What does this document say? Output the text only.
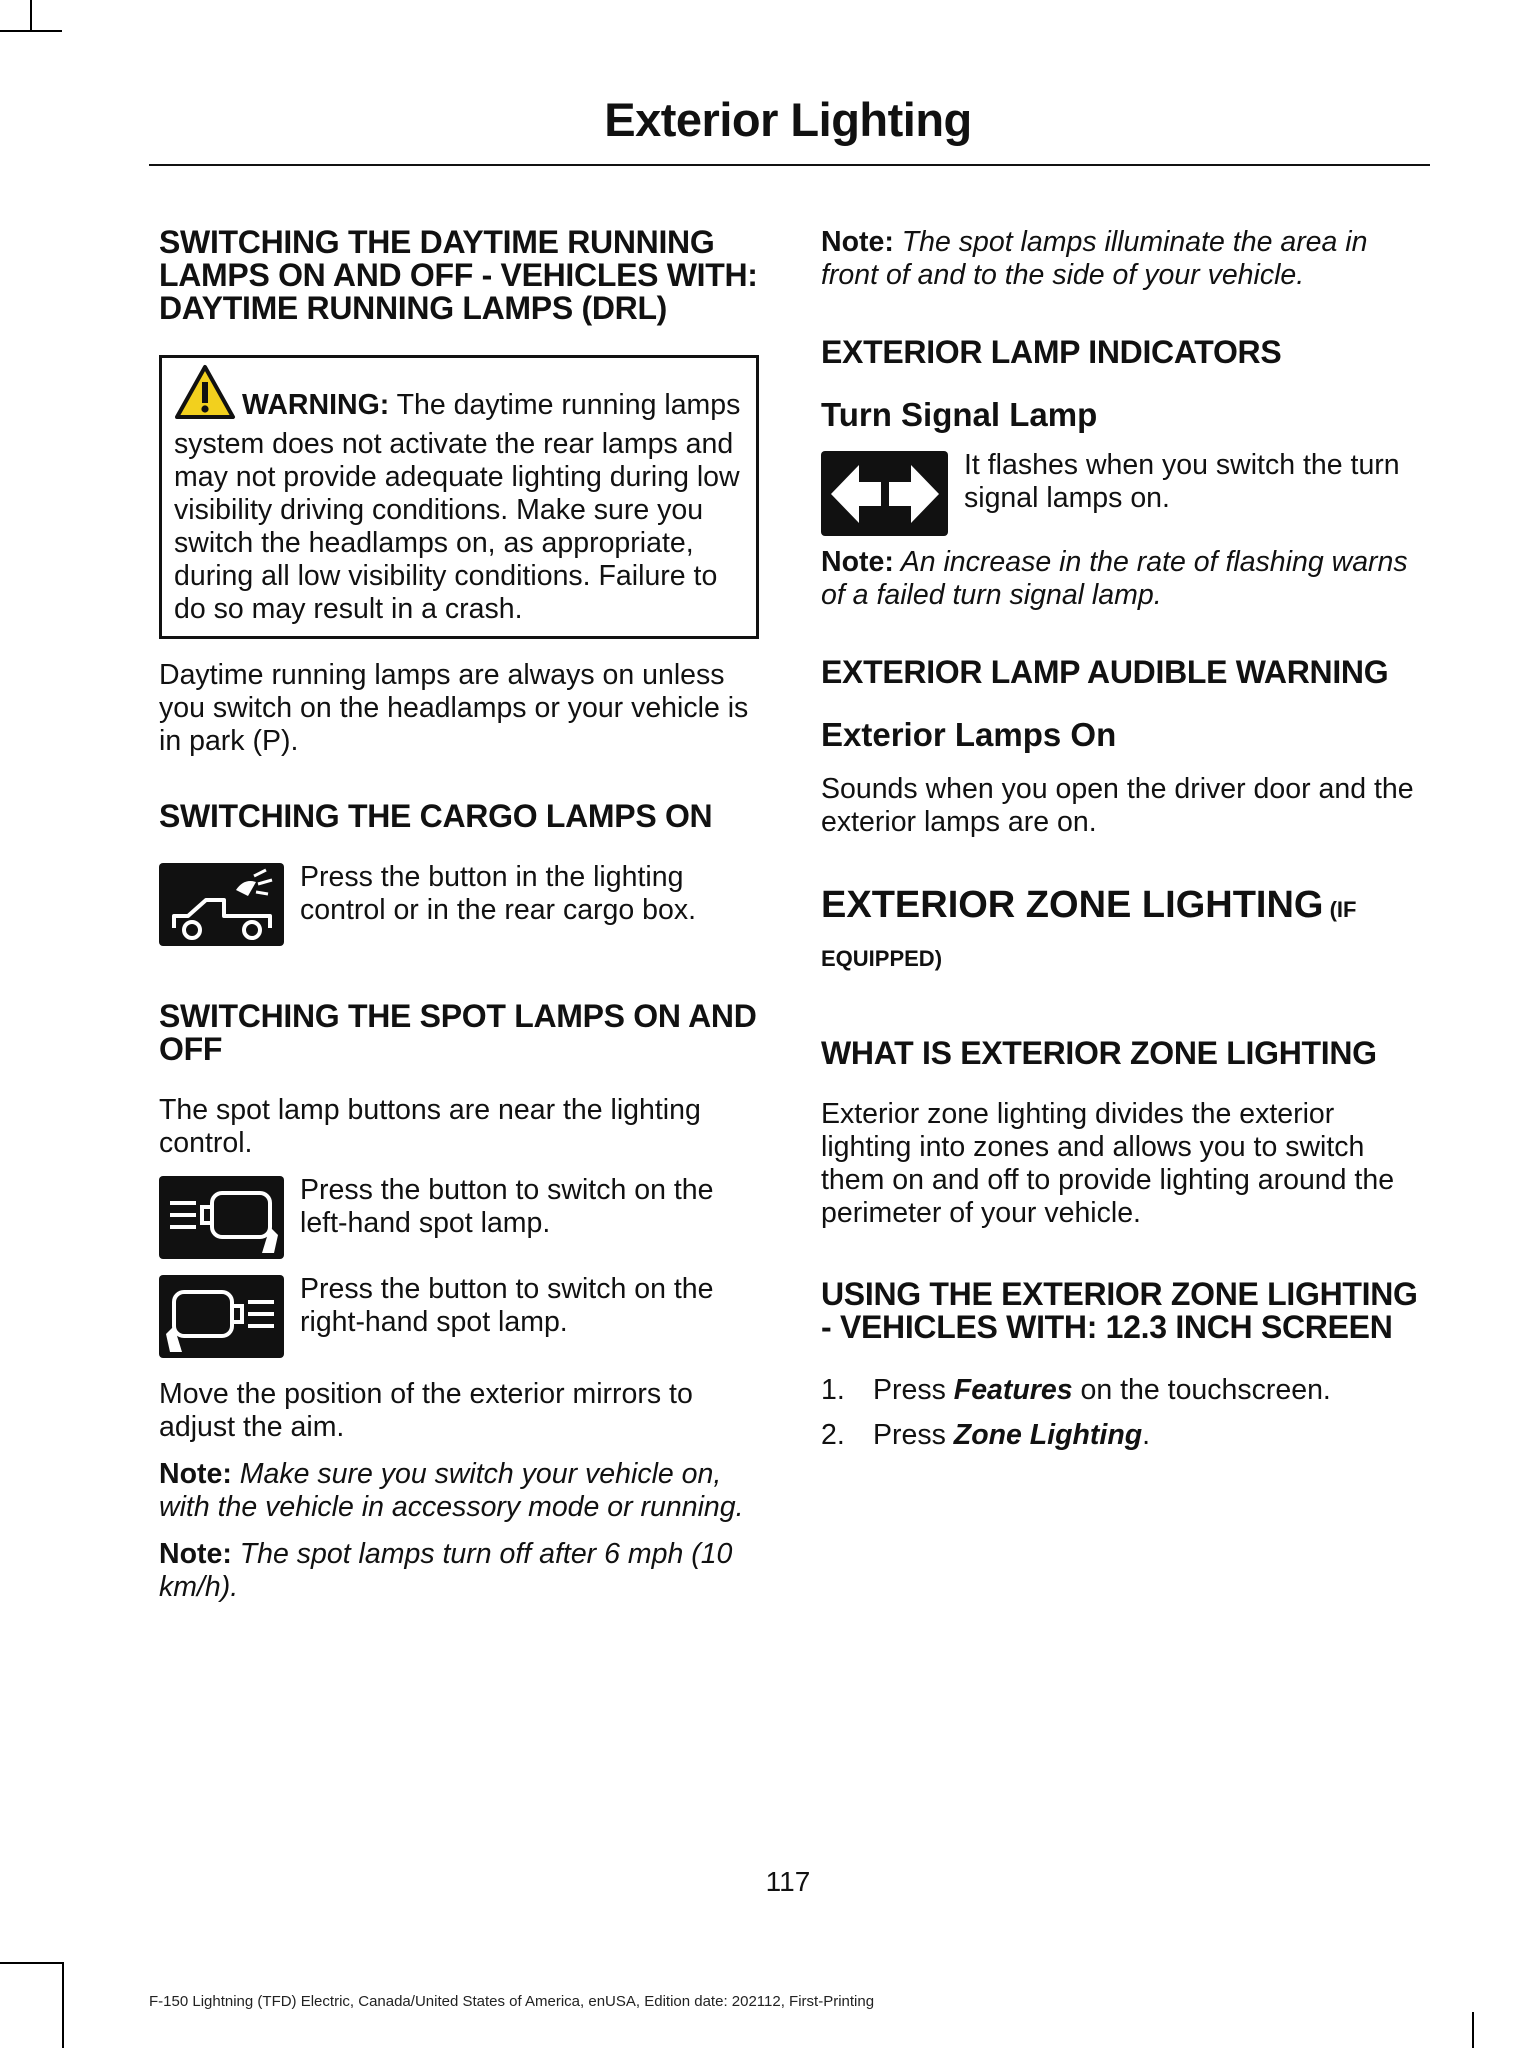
Exterior Lighting
SWITCHING THE DAYTIME RUNNING LAMPS ON AND OFF - VEHICLES WITH: DAYTIME RUNNING LAMPS (DRL)

WARNING: The daytime running lamps system does not activate the rear lamps and may not provide adequate lighting during low visibility driving conditions. Make sure you switch the headlamps on, as appropriate, during all low visibility conditions. Failure to do so may result in a crash.

Daytime running lamps are always on unless you switch on the headlamps or your vehicle is in park (P).

SWITCHING THE CARGO LAMPS ON

Press the button in the lighting control or in the rear cargo box.

SWITCHING THE SPOT LAMPS ON AND OFF

The spot lamp buttons are near the lighting control.

Press the button to switch on the left-hand spot lamp.

Press the button to switch on the right-hand spot lamp.

Move the position of the exterior mirrors to adjust the aim.

Note: Make sure you switch your vehicle on, with the vehicle in accessory mode or running.

Note: The spot lamps turn off after 6 mph (10 km/h).

Note: The spot lamps illuminate the area in front of and to the side of your vehicle.

EXTERIOR LAMP INDICATORS
Turn Signal Lamp

It flashes when you switch the turn signal lamps on.

Note: An increase in the rate of flashing warns of a failed turn signal lamp.

EXTERIOR LAMP AUDIBLE WARNING
Exterior Lamps On

Sounds when you open the driver door and the exterior lamps are on.

EXTERIOR ZONE LIGHTING (IF EQUIPPED)

WHAT IS EXTERIOR ZONE LIGHTING

Exterior zone lighting divides the exterior lighting into zones and allows you to switch them on and off to provide lighting around the perimeter of your vehicle.

USING THE EXTERIOR ZONE LIGHTING - VEHICLES WITH: 12.3 INCH SCREEN
1. Press Features on the touchscreen.
2. Press Zone Lighting.
117
F-150 Lightning (TFD) Electric, Canada/United States of America, enUSA, Edition date: 202112, First-Printing
